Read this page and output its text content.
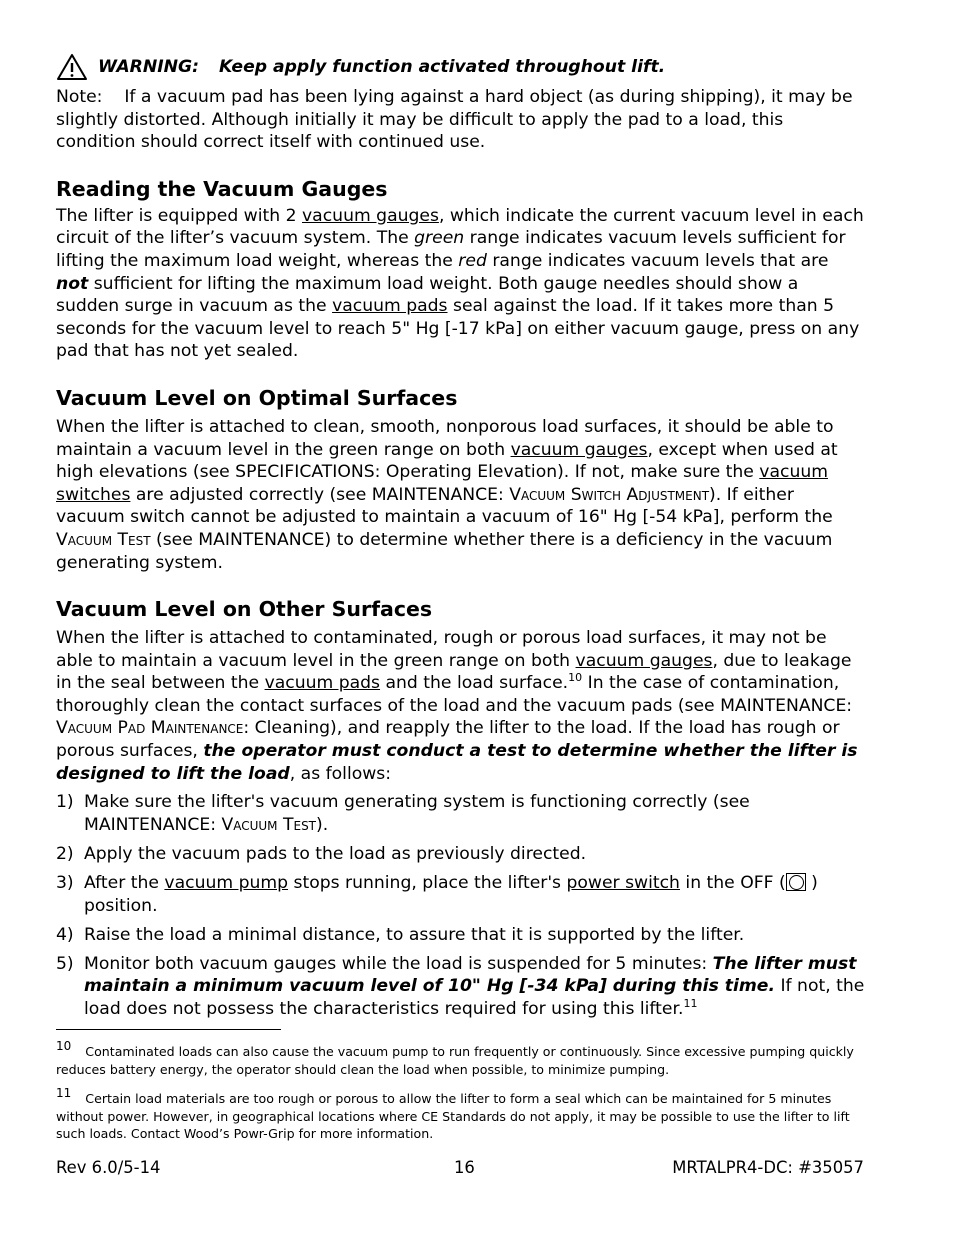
WARNING: Keep apply function activated throughout lift.

Note: If a vacuum pad has been lying against a hard object (as during shipping), it may be slightly distorted. Although initially it may be difficult to apply the pad to a load, this condition should correct itself with continued use.

Reading the Vacuum Gauges

The lifter is equipped with 2 vacuum gauges, which indicate the current vacuum level in each circuit of the lifter’s vacuum system. The green range indicates vacuum levels sufficient for lifting the maximum load weight, whereas the red range indicates vacuum levels that are not sufficient for lifting the maximum load weight. Both gauge needles should show a sudden surge in vacuum as the vacuum pads seal against the load. If it takes more than 5 seconds for the vacuum level to reach 5" Hg [-17 kPa] on either vacuum gauge, press on any pad that has not yet sealed.

Vacuum Level on Optimal Surfaces

When the lifter is attached to clean, smooth, nonporous load surfaces, it should be able to maintain a vacuum level in the green range on both vacuum gauges, except when used at high elevations (see SPECIFICATIONS: Operating Elevation). If not, make sure the vacuum switches are adjusted correctly (see MAINTENANCE: Vacuum Switch Adjustment). If either vacuum switch cannot be adjusted to maintain a vacuum of 16" Hg [-54 kPa], perform the Vacuum Test (see MAINTENANCE) to determine whether there is a deficiency in the vacuum generating system.

Vacuum Level on Other Surfaces

When the lifter is attached to contaminated, rough or porous load surfaces, it may not be able to maintain a vacuum level in the green range on both vacuum gauges, due to leakage in the seal between the vacuum pads and the load surface.$^{10}$ In the case of contamination, thoroughly clean the contact surfaces of the load and the vacuum pads (see MAINTENANCE: Vacuum Pad Maintenance: Cleaning), and reapply the lifter to the load. If the load has rough or porous surfaces, the operator must conduct a test to determine whether the lifter is designed to lift the load, as follows:

1) Make sure the lifter's vacuum generating system is functioning correctly (see MAINTENANCE: Vacuum Test).
2) Apply the vacuum pads to the load as previously directed.
3) After the vacuum pump stops running, place the lifter's power switch in the OFF ( ) position.
4) Raise the load a minimal distance, to assure that it is supported by the lifter.
5) Monitor both vacuum gauges while the load is suspended for 5 minutes: The lifter must maintain a minimum vacuum level of 10" Hg [-34 kPa] during this time. If not, the load does not possess the characteristics required for using this lifter.$^{11}$
10 Contaminated loads can also cause the vacuum pump to run frequently or continuously. Since excessive pumping quickly reduces battery energy, the operator should clean the load when possible, to minimize pumping.
11 Certain load materials are too rough or porous to allow the lifter to form a seal which can be maintained for 5 minutes without power. However, in geographical locations where CE Standards do not apply, it may be possible to use the lifter to lift such loads. Contact Wood’s Powr-Grip for more information.
Rev 6.0/5-14	16	MRTALPR4-DC: #35057
